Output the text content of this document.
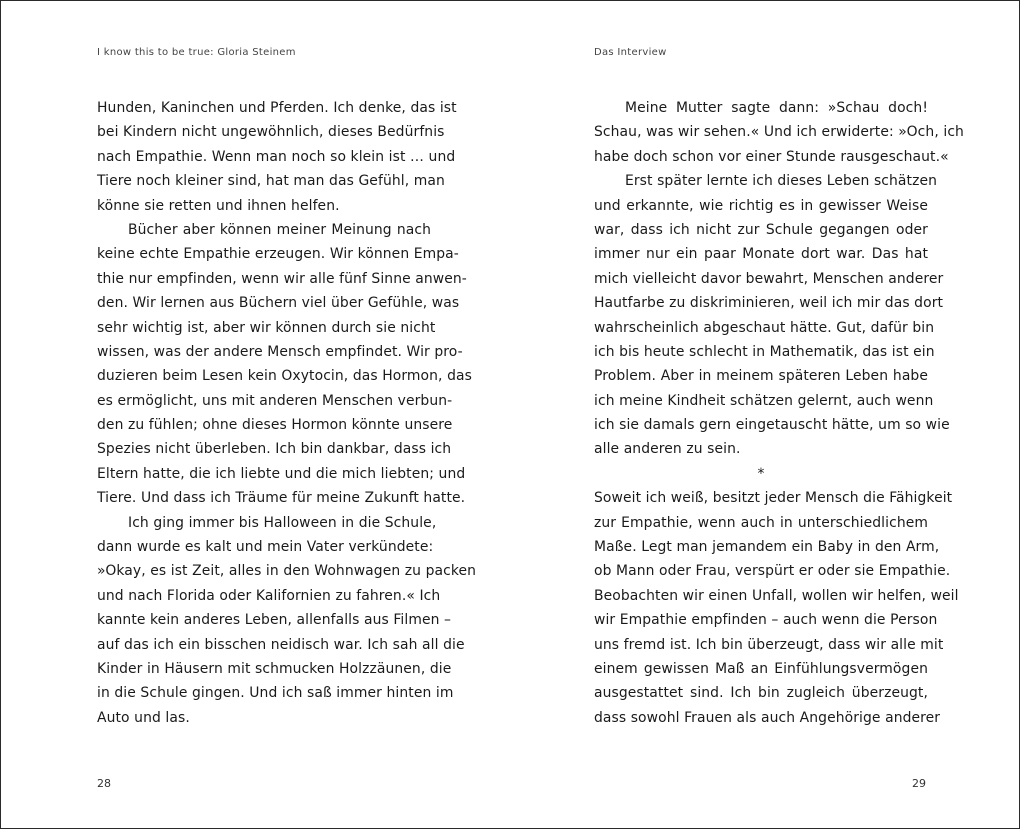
I know this to be true: Gloria Steinem
Hunden, Kaninchen und Pferden. Ich denke, das ist
bei Kindern nicht ungewöhnlich, dieses Bedürfnis
nach Empathie. Wenn man noch so klein ist … und
Tiere noch kleiner sind, hat man das Gefühl, man
könne sie retten und ihnen helfen.
Bücher aber können meiner Meinung nach
keine echte Empathie erzeugen. Wir können Empa-
thie nur empfinden, wenn wir alle fünf Sinne anwen-
den. Wir lernen aus Büchern viel über Gefühle, was
sehr wichtig ist, aber wir können durch sie nicht
wissen, was der andere Mensch empfindet. Wir pro-
duzieren beim Lesen kein Oxytocin, das Hormon, das
es ermöglicht, uns mit anderen Menschen verbun-
den zu fühlen; ohne dieses Hormon könnte unsere
Spezies nicht überleben. Ich bin dankbar, dass ich
Eltern hatte, die ich liebte und die mich liebten; und
Tiere. Und dass ich Träume für meine Zukunft hatte.
Ich ging immer bis Halloween in die Schule,
dann wurde es kalt und mein Vater verkündete:
»Okay, es ist Zeit, alles in den Wohnwagen zu packen
und nach Florida oder Kalifornien zu fahren.« Ich
kannte kein anderes Leben, allenfalls aus Filmen –
auf das ich ein bisschen neidisch war. Ich sah all die
Kinder in Häusern mit schmucken Holzzäunen, die
in die Schule gingen. Und ich saß immer hinten im
Auto und las.
28
Das Interview
Meine Mutter sagte dann: »Schau doch!
Schau, was wir sehen.« Und ich erwiderte: »Och, ich
habe doch schon vor einer Stunde rausgeschaut.«
Erst später lernte ich dieses Leben schätzen
und erkannte, wie richtig es in gewisser Weise
war, dass ich nicht zur Schule gegangen oder
immer nur ein paar Monate dort war. Das hat
mich vielleicht davor bewahrt, Menschen anderer
Hautfarbe zu diskriminieren, weil ich mir das dort
wahrscheinlich abgeschaut hätte. Gut, dafür bin
ich bis heute schlecht in Mathematik, das ist ein
Problem. Aber in meinem späteren Leben habe
ich meine Kindheit schätzen gelernt, auch wenn
ich sie damals gern eingetauscht hätte, um so wie
alle anderen zu sein.
*
Soweit ich weiß, besitzt jeder Mensch die Fähigkeit
zur Empathie, wenn auch in unterschiedlichem
Maße. Legt man jemandem ein Baby in den Arm,
ob Mann oder Frau, verspürt er oder sie Empathie.
Beobachten wir einen Unfall, wollen wir helfen, weil
wir Empathie empfinden – auch wenn die Person
uns fremd ist. Ich bin überzeugt, dass wir alle mit
einem gewissen Maß an Einfühlungsvermögen
ausgestattet sind. Ich bin zugleich überzeugt,
dass sowohl Frauen als auch Angehörige anderer
29
